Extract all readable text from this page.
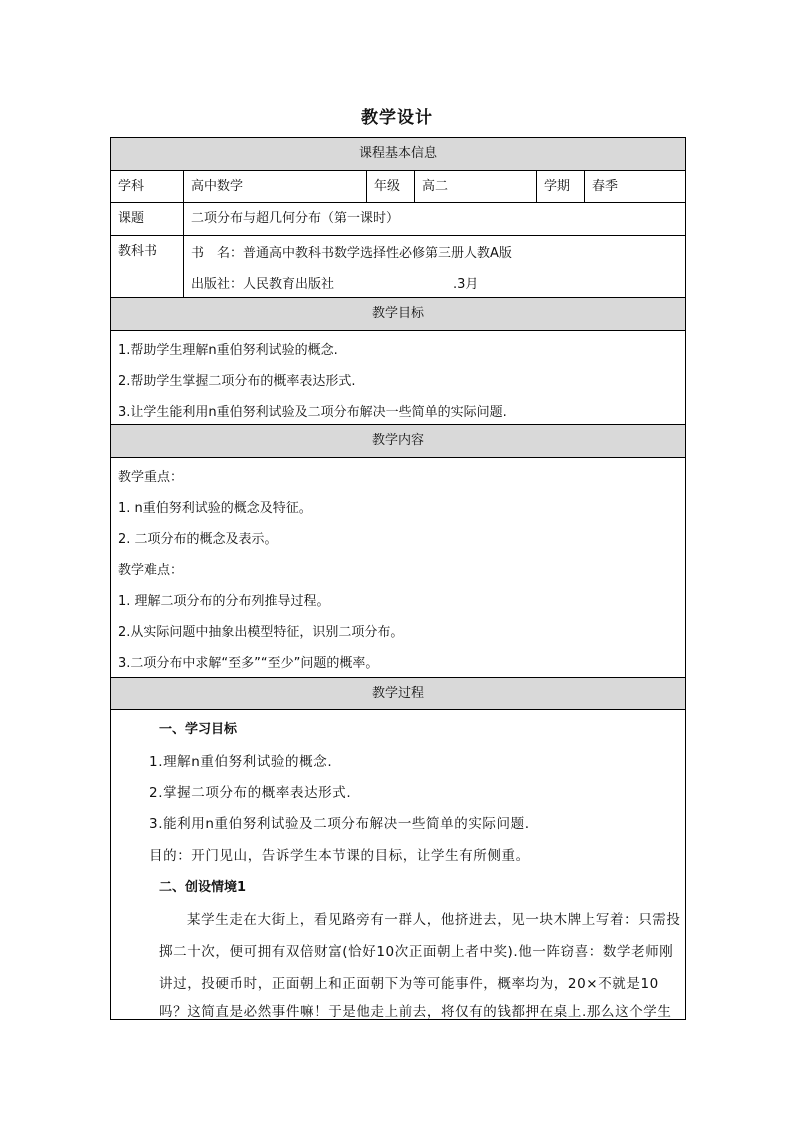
教学设计
课程基本信息
学科	高中数学	年级	高二	学期	春季
课题	二项分布与超几何分布（第一课时）
教科书	书　名：普通高中教科书数学选择性必修第三册人教A版
出版社：人民教育出版社	.3月
教学目标
1.帮助学生理解n重伯努利试验的概念.
2.帮助学生掌握二项分布的概率表达形式.
3.让学生能利用n重伯努利试验及二项分布解决一些简单的实际问题.
教学内容
教学重点：
1. n重伯努利试验的概念及特征。
2. 二项分布的概念及表示。
教学难点：
1. 理解二项分布的分布列推导过程。
2.从实际问题中抽象出模型特征，识别二项分布。
3.二项分布中求解“至多”“至少”问题的概率。
教学过程
一、学习目标
1.理解n重伯努利试验的概念.
2.掌握二项分布的概率表达形式.
3.能利用n重伯努利试验及二项分布解决一些简单的实际问题.
目的：开门见山，告诉学生本节课的目标，让学生有所侧重。
二、创设情境1
某学生走在大街上，看见路旁有一群人，他挤进去，见一块木牌上写着：只需投
掷二十次，便可拥有双倍财富(恰好10次正面朝上者中奖).他一阵窃喜：数学老师刚
讲过，投硬币时，正面朝上和正面朝下为等可能事件，概率均为，20×不就是10
吗？这简直是必然事件嘛！于是他走上前去，将仅有的钱都押在桌上.那么这个学生
